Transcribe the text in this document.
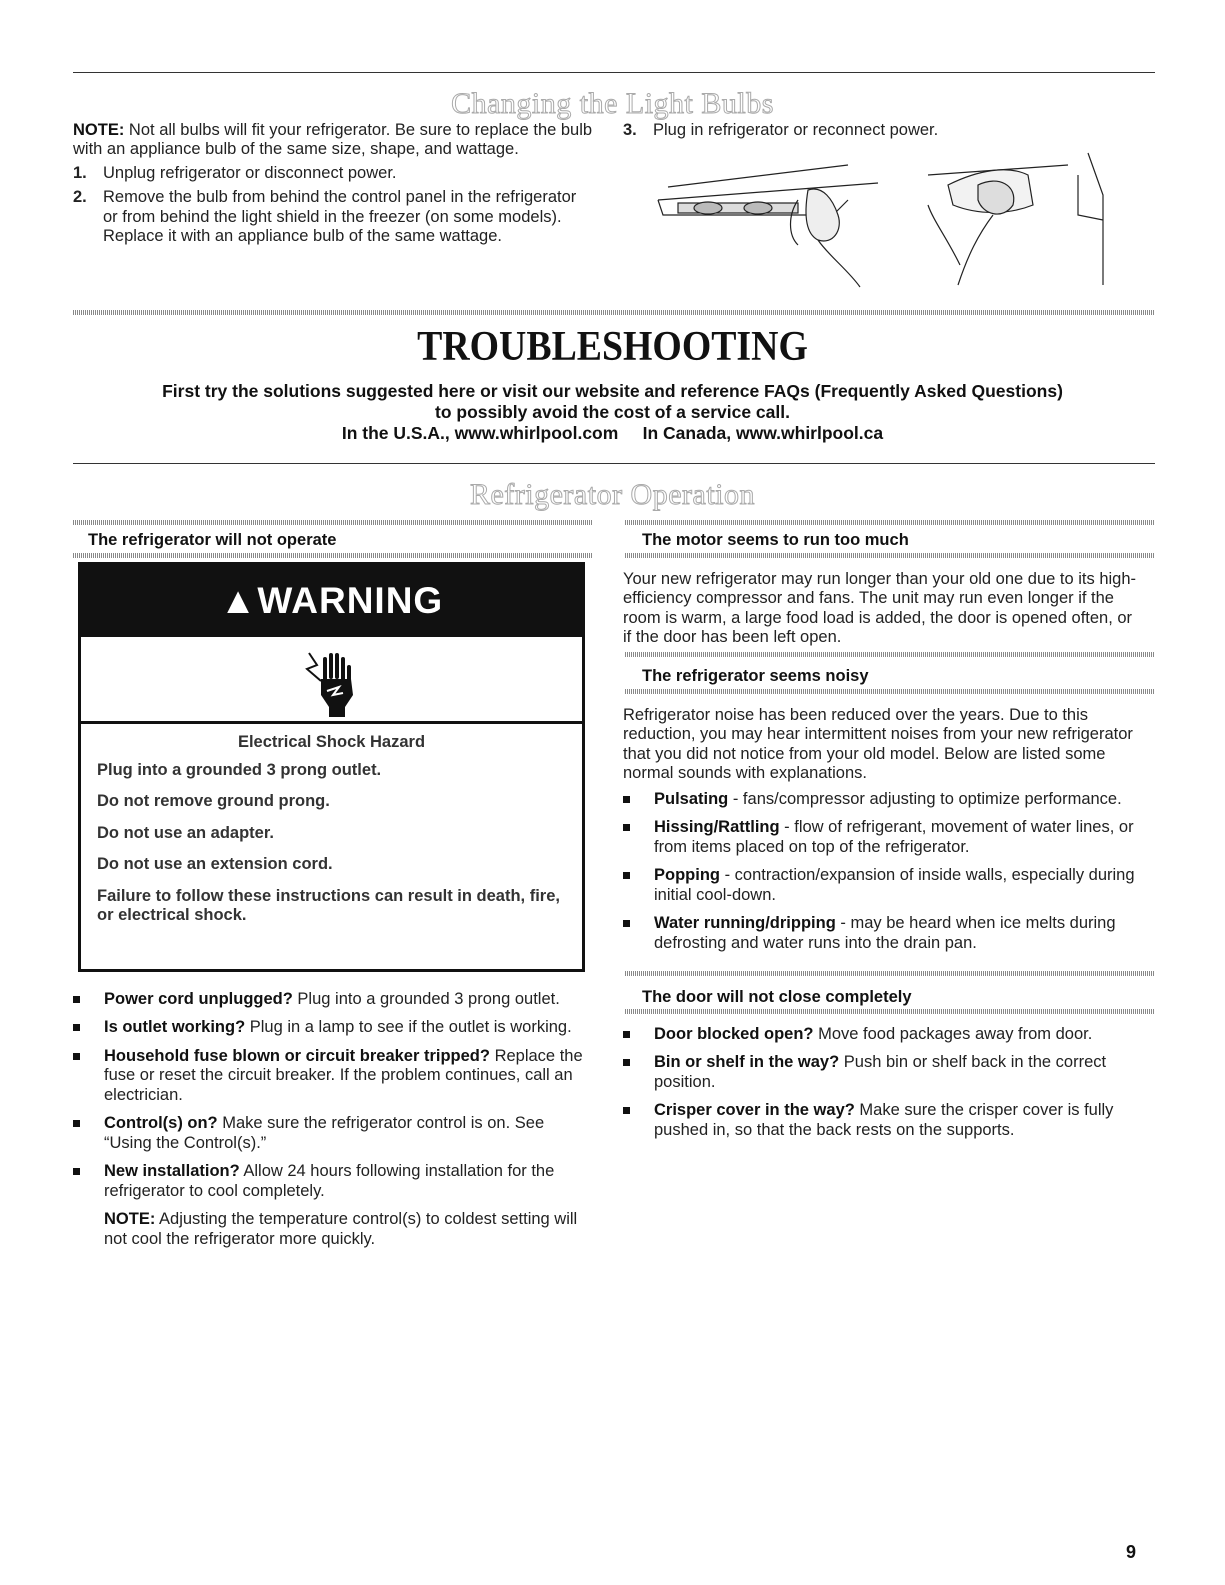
Changing the Light Bulbs

NOTE: Not all bulbs will fit your refrigerator. Be sure to replace the bulb with an appliance bulb of the same size, shape, and wattage.

1. Unplug refrigerator or disconnect power.
2. Remove the bulb from behind the control panel in the refrigerator or from behind the light shield in the freezer (on some models). Replace it with an appliance bulb of the same wattage.
3. Plug in refrigerator or reconnect power.
TROUBLESHOOTING
First try the solutions suggested here or visit our website and reference FAQs (Frequently Asked Questions)
to possibly avoid the cost of a service call.
In the U.S.A., www.whirlpool.com     In Canada, www.whirlpool.ca
Refrigerator Operation
The refrigerator will not operate
▲WARNING
Electrical Shock Hazard
Plug into a grounded 3 prong outlet.
Do not remove ground prong.
Do not use an adapter.
Do not use an extension cord.
Failure to follow these instructions can result in death, fire, or electrical shock.
Power cord unplugged? Plug into a grounded 3 prong outlet.
Is outlet working? Plug in a lamp to see if the outlet is working.
Household fuse blown or circuit breaker tripped? Replace the fuse or reset the circuit breaker. If the problem continues, call an electrician.
Control(s) on? Make sure the refrigerator control is on. See “Using the Control(s).”
New installation? Allow 24 hours following installation for the refrigerator to cool completely.

NOTE: Adjusting the temperature control(s) to coldest setting will not cool the refrigerator more quickly.

The motor seems to run too much

Your new refrigerator may run longer than your old one due to its high-efficiency compressor and fans. The unit may run even longer if the room is warm, a large food load is added, the door is opened often, or if the door has been left open.

The refrigerator seems noisy

Refrigerator noise has been reduced over the years. Due to this reduction, you may hear intermittent noises from your new refrigerator that you did not notice from your old model. Below are listed some normal sounds with explanations.

Pulsating - fans/compressor adjusting to optimize performance.
Hissing/Rattling - flow of refrigerant, movement of water lines, or from items placed on top of the refrigerator.
Popping - contraction/expansion of inside walls, especially during initial cool-down.
Water running/dripping - may be heard when ice melts during defrosting and water runs into the drain pan.
The door will not close completely
Door blocked open? Move food packages away from door.
Bin or shelf in the way? Push bin or shelf back in the correct position.
Crisper cover in the way? Make sure the crisper cover is fully pushed in, so that the back rests on the supports.
9
